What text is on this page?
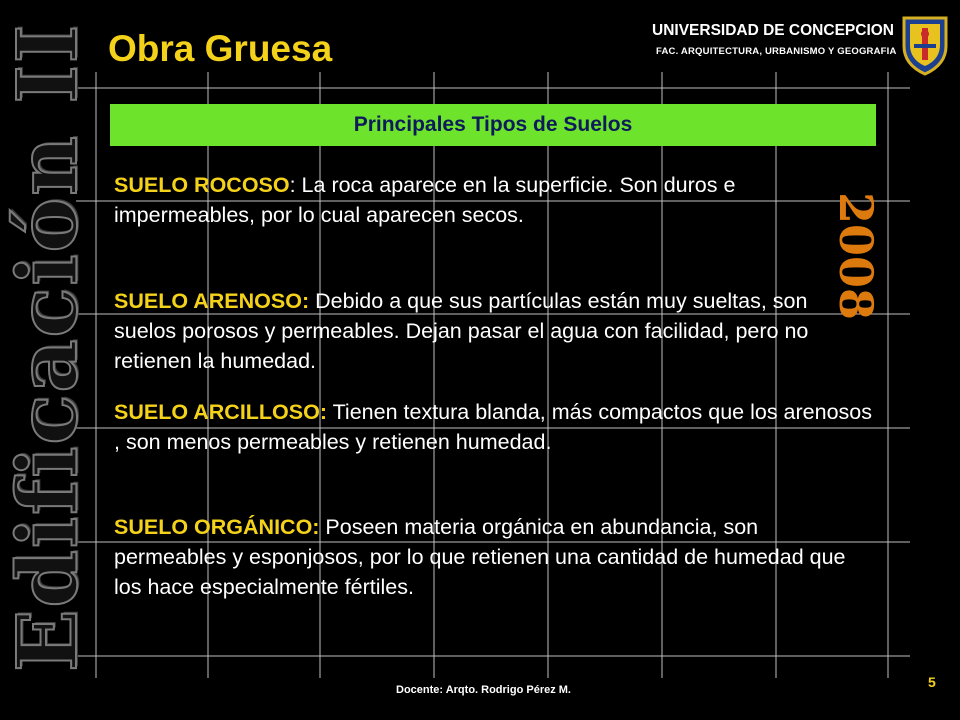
Edificación II	2008
Obra Gruesa	UNIVERSIDAD DE CONCEPCION
FAC. ARQUITECTURA, URBANISMO Y GEOGRAFIA
Principales Tipos de Suelos

SUELO ROCOSO: La roca aparece en la superficie. Son duros e impermeables, por lo cual aparecen secos.

SUELO ARENOSO: Debido a que sus partículas están muy sueltas, son suelos porosos y permeables. Dejan pasar el agua con facilidad, pero no retienen la humedad.

SUELO ARCILLOSO: Tienen textura blanda, más compactos que los arenosos , son menos permeables y retienen humedad.

SUELO ORGÁNICO: Poseen materia orgánica en abundancia, son permeables y esponjosos, por lo que retienen una cantidad de humedad que los hace especialmente fértiles.

Docente: Arqto. Rodrigo Pérez M.	5
